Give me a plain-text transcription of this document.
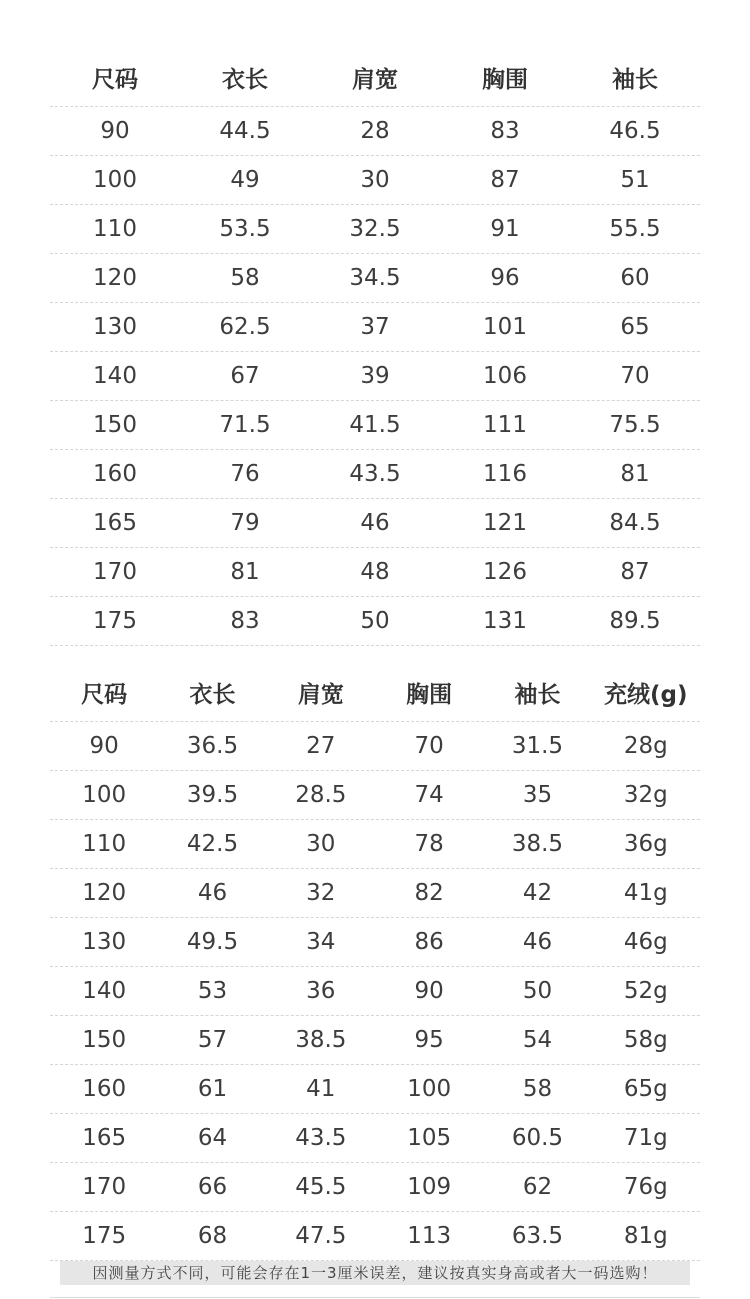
尺码	衣长	肩宽	胸围	袖长
90	44.5	28	83	46.5
100	49	30	87	51
110	53.5	32.5	91	55.5
120	58	34.5	96	60
130	62.5	37	101	65
140	67	39	106	70
150	71.5	41.5	111	75.5
160	76	43.5	116	81
165	79	46	121	84.5
170	81	48	126	87
175	83	50	131	89.5
尺码	衣长	肩宽	胸围	袖长	充绒(g)
90	36.5	27	70	31.5	28g
100	39.5	28.5	74	35	32g
110	42.5	30	78	38.5	36g
120	46	32	82	42	41g
130	49.5	34	86	46	46g
140	53	36	90	50	52g
150	57	38.5	95	54	58g
160	61	41	100	58	65g
165	64	43.5	105	60.5	71g
170	66	45.5	109	62	76g
175	68	47.5	113	63.5	81g
因测量方式不同，可能会存在1一3厘米误差，建议按真实身高或者大一码选购！
